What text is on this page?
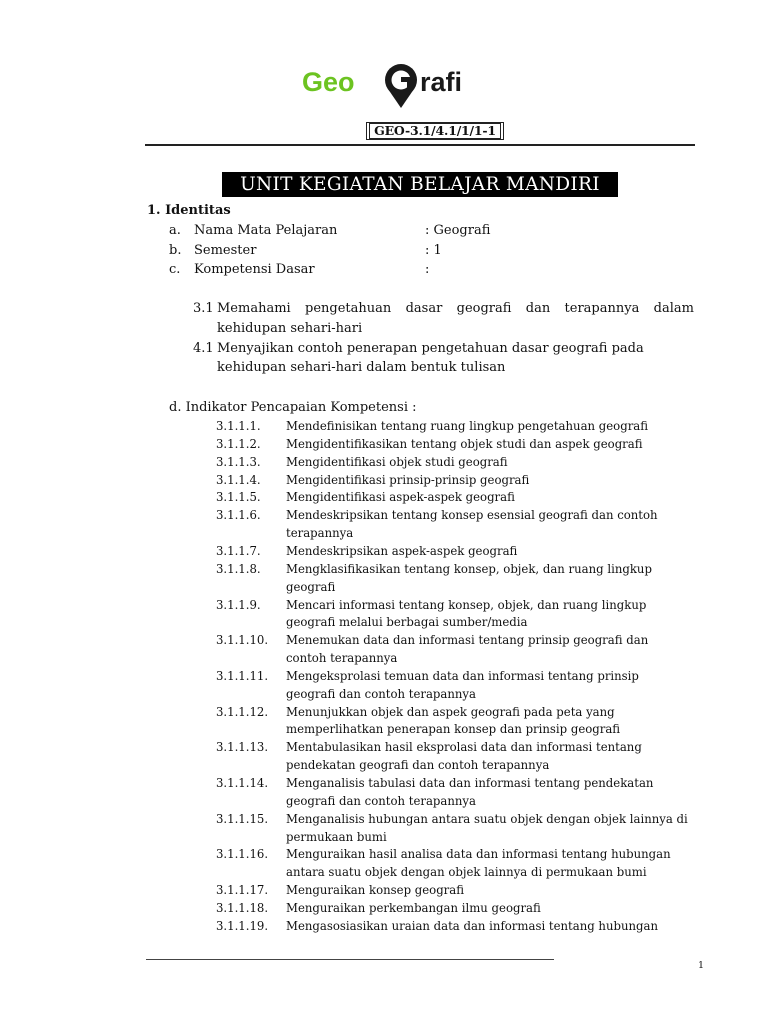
Geo rafi
GEO-3.1/4.1/1/1-1
UNIT KEGIATAN BELAJAR MANDIRI
1. Identitas
a. Nama Mata Pelajaran	: Geografi
b. Semester	: 1
c. Kompetensi Dasar	:
3.1 Memahami pengetahuan dasar geografi dan terapannya dalam
kehidupan sehari-hari
4.1 Menyajikan contoh penerapan pengetahuan dasar geografi pada
kehidupan sehari-hari dalam bentuk tulisan
d. Indikator Pencapaian Kompetensi :
3.1.1.1. Mendefinisikan tentang ruang lingkup pengetahuan geografi
3.1.1.2. Mengidentifikasikan tentang objek studi dan aspek geografi
3.1.1.3. Mengidentifikasi objek studi geografi
3.1.1.4. Mengidentifikasi prinsip-prinsip geografi
3.1.1.5. Mengidentifikasi aspek-aspek geografi
3.1.1.6. Mendeskripsikan tentang konsep esensial geografi dan contoh
terapannya
3.1.1.7. Mendeskripsikan aspek-aspek geografi
3.1.1.8. Mengklasifikasikan tentang konsep, objek, dan ruang lingkup
geografi
3.1.1.9. Mencari informasi tentang konsep, objek, dan ruang lingkup
geografi melalui berbagai sumber/media
3.1.1.10. Menemukan data dan informasi tentang prinsip geografi dan
contoh terapannya
3.1.1.11. Mengeksprolasi temuan data dan informasi tentang prinsip
geografi dan contoh terapannya
3.1.1.12. Menunjukkan objek dan aspek geografi pada peta yang
memperlihatkan penerapan konsep dan prinsip geografi
3.1.1.13. Mentabulasikan hasil eksprolasi data dan informasi tentang
pendekatan geografi dan contoh terapannya
3.1.1.14. Menganalisis tabulasi data dan informasi tentang pendekatan
geografi dan contoh terapannya
3.1.1.15. Menganalisis hubungan antara suatu objek dengan objek lainnya di
permukaan bumi
3.1.1.16. Menguraikan hasil analisa data dan informasi tentang hubungan
antara suatu objek dengan objek lainnya di permukaan bumi
3.1.1.17. Menguraikan konsep geografi
3.1.1.18. Menguraikan perkembangan ilmu geografi
3.1.1.19. Mengasosiasikan uraian data dan informasi tentang hubungan
1
